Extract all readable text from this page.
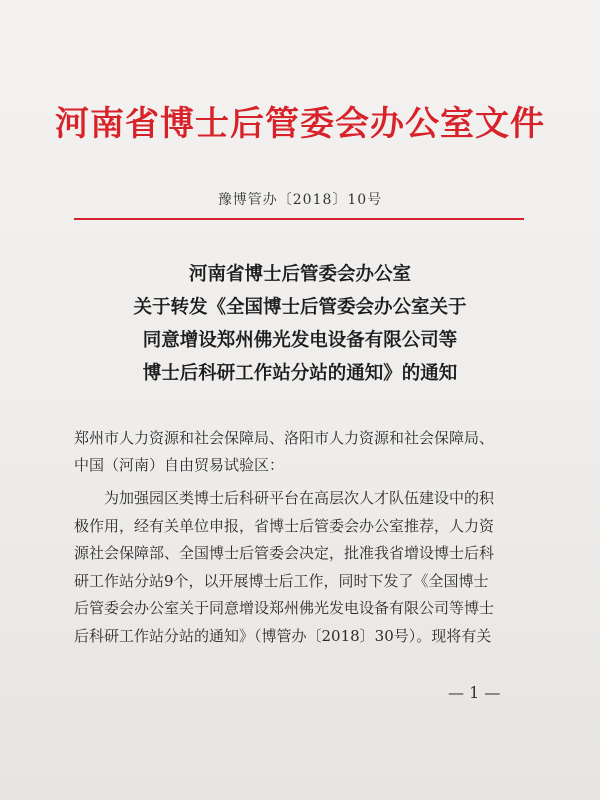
河南省博士后管委会办公室文件
豫博管办〔2018〕10号
河南省博士后管委会办公室
关于转发《全国博士后管委会办公室关于
同意增设郑州佛光发电设备有限公司等
博士后科研工作站分站的通知》的通知
郑州市人力资源和社会保障局、洛阳市人力资源和社会保障局、
中国（河南）自由贸易试验区：
为加强园区类博士后科研平台在高层次人才队伍建设中的积
极作用，经有关单位申报，省博士后管委会办公室推荐，人力资
源社会保障部、全国博士后管委会决定，批准我省增设博士后科
研工作站分站9个，以开展博士后工作，同时下发了《全国博士
后管委会办公室关于同意增设郑州佛光发电设备有限公司等博士
后科研工作站分站的通知》（博管办〔2018〕30号）。现将有关
— 1 —
